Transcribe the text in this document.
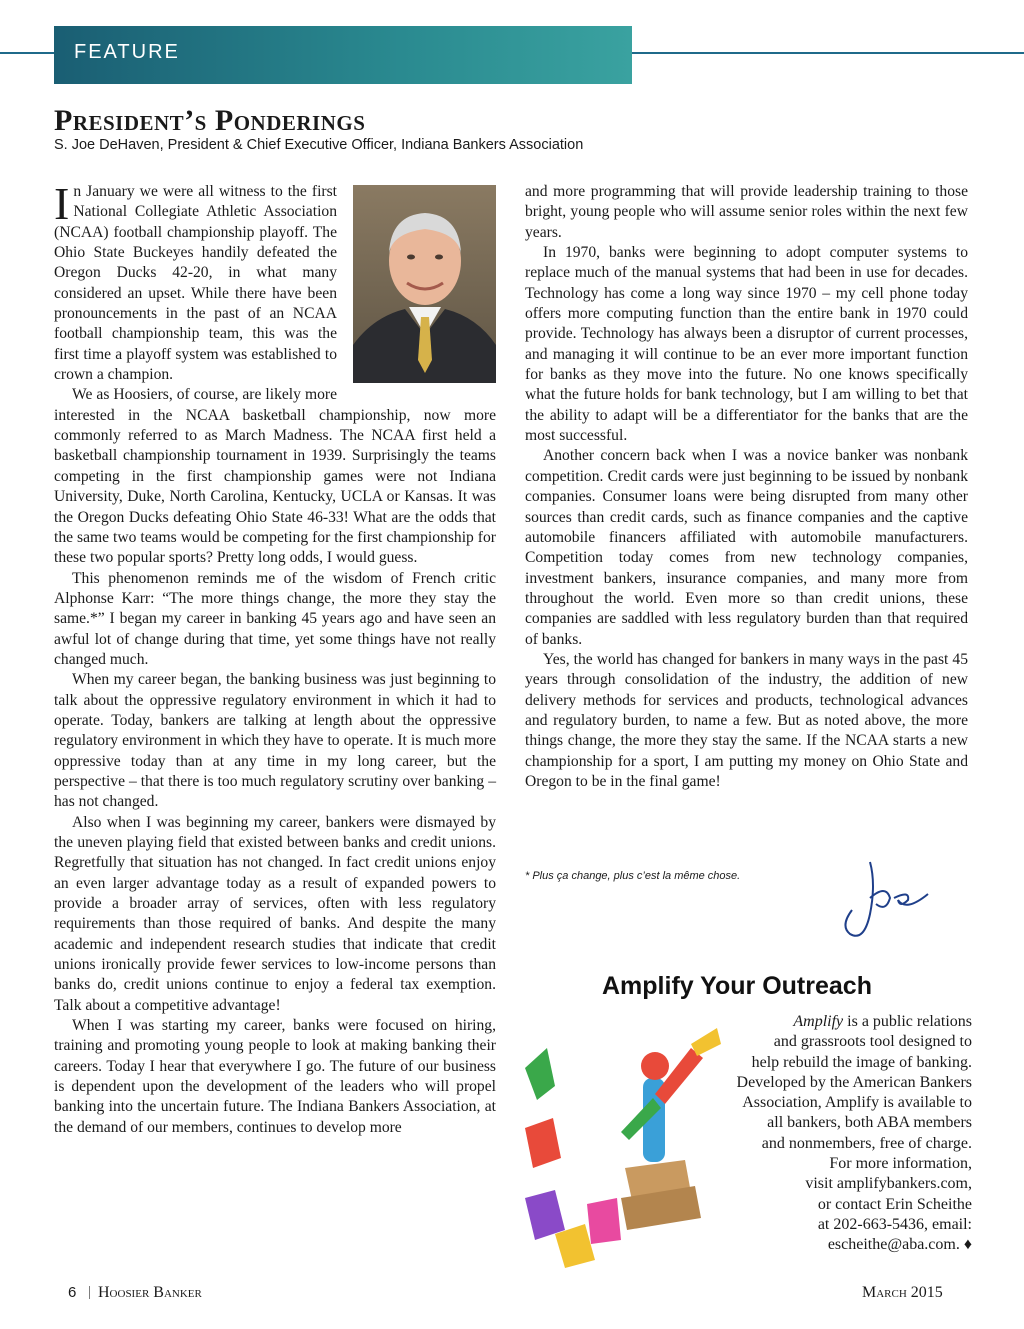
FEATURE
President’s Ponderings
S. Joe DeHaven, President & Chief Executive Officer, Indiana Bankers Association

In January we were all witness to the first National Collegiate Athletic Association (NCAA) football championship playoff. The Ohio State Buckeyes handily defeated the Oregon Ducks 42-20, in what many considered an upset. While there have been pronouncements in the past of an NCAA football championship team, this was the first time a playoff system was established to crown a champion.

We as Hoosiers, of course, are likely more interested in the NCAA basketball championship, now more commonly referred to as March Madness. The NCAA first held a basketball championship tournament in 1939. Surprisingly the teams competing in the first championship games were not Indiana University, Duke, North Carolina, Kentucky, UCLA or Kansas. It was the Oregon Ducks defeating Ohio State 46-33! What are the odds that the same two teams would be competing for the first championship for these two popular sports? Pretty long odds, I would guess.

This phenomenon reminds me of the wisdom of French critic Alphonse Karr: “The more things change, the more they stay the same.*” I began my career in banking 45 years ago and have seen an awful lot of change during that time, yet some things have not really changed much.

When my career began, the banking business was just beginning to talk about the oppressive regulatory environment in which it had to operate. Today, bankers are talking at length about the oppressive regulatory environment in which they have to operate. It is much more oppressive today than at any time in my long career, but the perspective – that there is too much regulatory scrutiny over banking – has not changed.

Also when I was beginning my career, bankers were dismayed by the uneven playing field that existed between banks and credit unions. Regretfully that situation has not changed. In fact credit unions enjoy an even larger advantage today as a result of expanded powers to provide a broader array of services, often with less regulatory requirements than those required of banks. And despite the many academic and independent research studies that indicate that credit unions ironically provide fewer services to low-income persons than banks do, credit unions continue to enjoy a federal tax exemption. Talk about a competitive advantage!

When I was starting my career, banks were focused on hiring, training and promoting young people to look at making banking their careers. Today I hear that everywhere I go. The future of our business is dependent upon the development of the leaders who will propel banking into the uncertain future. The Indiana Bankers Association, at the demand of our members, continues to develop more

and more programming that will provide leadership training to those bright, young people who will assume senior roles within the next few years.

In 1970, banks were beginning to adopt computer systems to replace much of the manual systems that had been in use for decades. Technology has come a long way since 1970 – my cell phone today offers more computing function than the entire bank in 1970 could provide. Technology has always been a disruptor of current processes, and managing it will continue to be an ever more important function for banks as they move into the future. No one knows specifically what the future holds for bank technology, but I am willing to bet that the ability to adapt will be a differentiator for the banks that are the most successful.

Another concern back when I was a novice banker was nonbank competition. Credit cards were just beginning to be issued by nonbank companies. Consumer loans were being disrupted from many other sources than credit cards, such as finance companies and the captive automobile financers affiliated with automobile manufacturers. Competition today comes from new technology companies, investment bankers, insurance companies, and many more from throughout the world. Even more so than credit unions, these companies are saddled with less regulatory burden than that required of banks.

Yes, the world has changed for bankers in many ways in the past 45 years through consolidation of the industry, the addition of new delivery methods for services and products, technological advances and regulatory burden, to name a few. But as noted above, the more things change, the more they stay the same. If the NCAA starts a new championship for a sport, I am putting my money on Ohio State and Oregon to be in the final game!

* Plus ça change, plus c’est la même chose.
Amplify Your Outreach
Amplify is a public relations
and grassroots tool designed to
help rebuild the image of banking.
Developed by the American Bankers
Association, Amplify is available to
all bankers, both ABA members
and nonmembers, free of charge.
For more information,
visit amplifybankers.com,
or contact Erin Scheithe
at 202-663-5436, email:
escheithe@aba.com. ♦
6 | Hoosier Banker	March 2015
